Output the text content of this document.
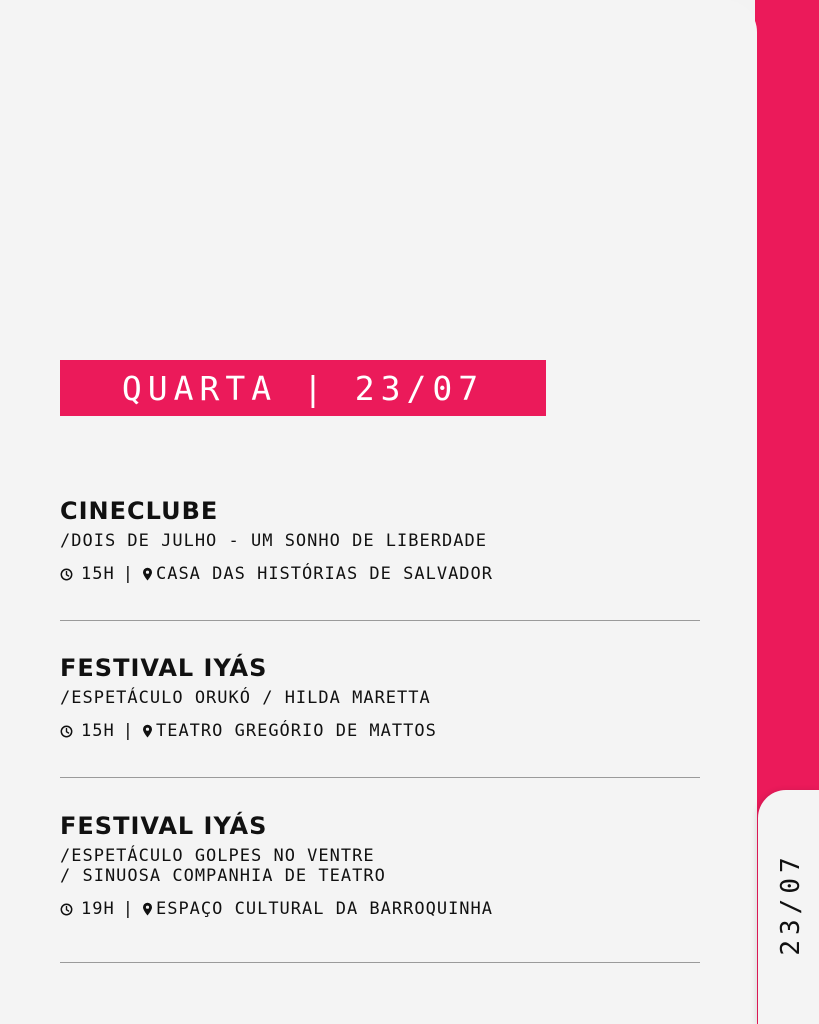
23/07
QUARTA | 23/07
CINECLUBE
/DOIS DE JULHO - UM SONHO DE LIBERDADE
15H | CASA DAS HISTÓRIAS DE SALVADOR
FESTIVAL IYÁS
/ESPETÁCULO ORUKÓ / HILDA MARETTA
15H | TEATRO GREGÓRIO DE MATTOS
FESTIVAL IYÁS
/ESPETÁCULO GOLPES NO VENTRE
/ SINUOSA COMPANHIA DE TEATRO
19H | ESPAÇO CULTURAL DA BARROQUINHA
